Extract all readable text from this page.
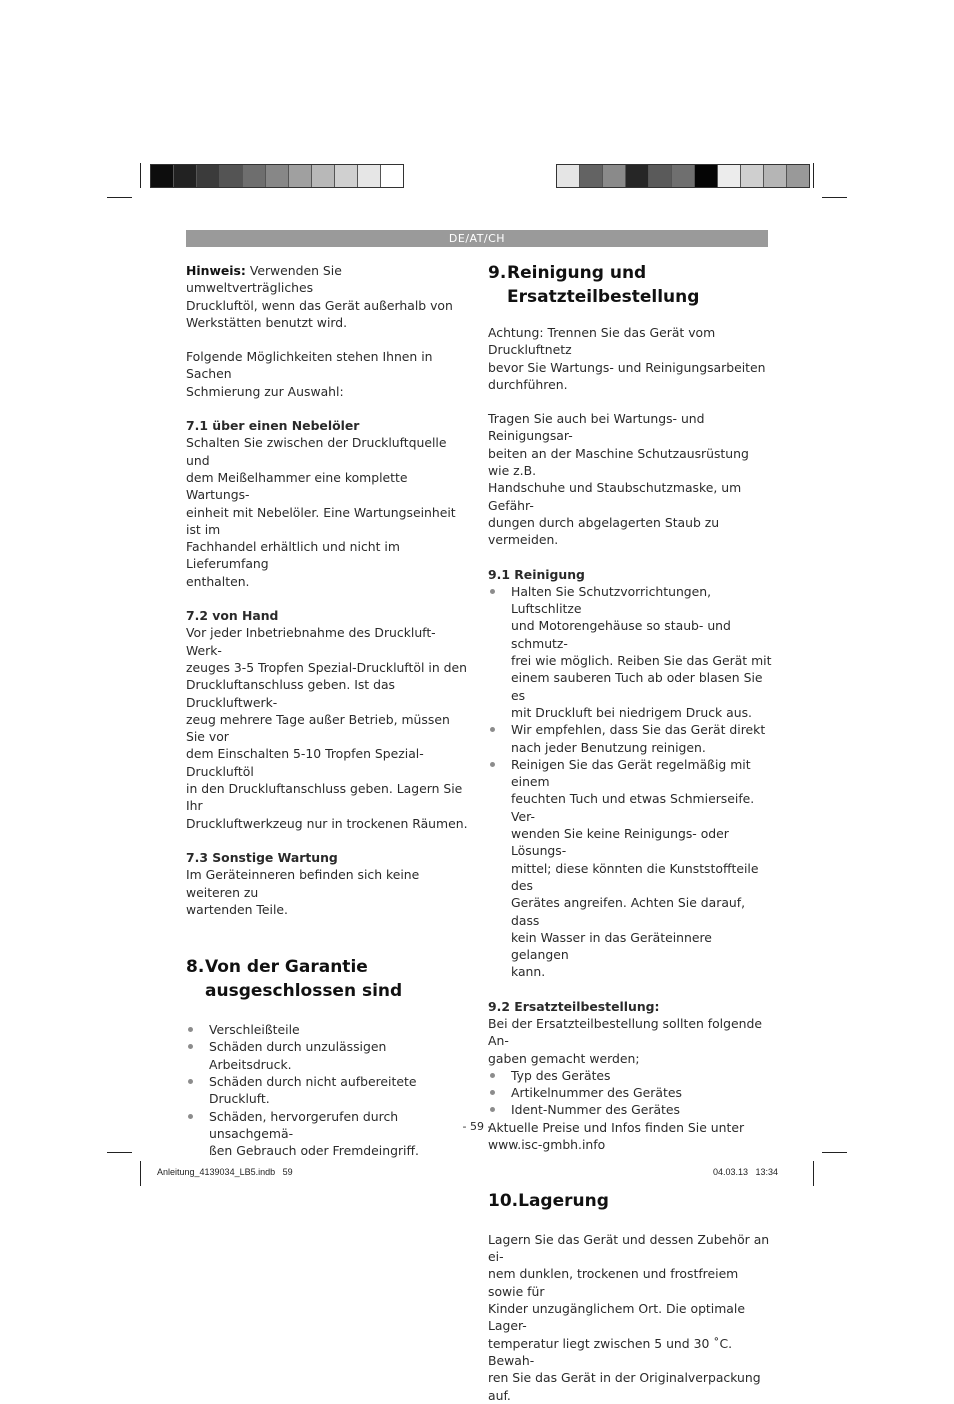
DE/AT/CH

Hinweis: Verwenden Sie umweltverträgliches

Druckluftöl, wenn das Gerät außerhalb von

Werkstätten benutzt wird.

Folgende Möglichkeiten stehen Ihnen in Sachen

Schmierung zur Auswahl:

7.1 über einen Nebelöler

Schalten Sie zwischen der Druckluftquelle und

dem Meißelhammer eine komplette Wartungs-

einheit mit Nebelöler. Eine Wartungseinheit ist im

Fachhandel erhältlich und nicht im Lieferumfang

enthalten.

7.2 von Hand

Vor jeder Inbetriebnahme des Druckluft-Werk-

zeuges 3-5 Tropfen Spezial-Druckluftöl in den

Druckluftanschluss geben. Ist das Druckluftwerk-

zeug mehrere Tage außer Betrieb, müssen Sie vor

dem Einschalten 5-10 Tropfen Spezial-Druckluftöl

in den Druckluftanschluss geben. Lagern Sie Ihr

Druckluftwerkzeug nur in trockenen Räumen.

7.3 Sonstige Wartung

Im Geräteinneren befinden sich keine weiteren zu

wartenden Teile.

8. Von der Garantie
ausgeschlossen sind
Verschleißteile
Schäden durch unzulässigen Arbeitsdruck.
Schäden durch nicht aufbereitete Druckluft.
Schäden, hervorgerufen durch unsachgemä-
ßen Gebrauch oder Fremdeingriff.
9. Reinigung und
Ersatzteilbestellung

Achtung: Trennen Sie das Gerät vom Druckluftnetz

bevor Sie Wartungs- und Reinigungsarbeiten

durchführen.

Tragen Sie auch bei Wartungs- und Reinigungsar-

beiten an der Maschine Schutzausrüstung wie z.B.

Handschuhe und Staubschutzmaske, um Gefähr-

dungen durch abgelagerten Staub zu vermeiden.

9.1 Reinigung

Halten Sie Schutzvorrichtungen, Luftschlitze
und Motorengehäuse so staub- und schmutz-
frei wie möglich. Reiben Sie das Gerät mit
einem sauberen Tuch ab oder blasen Sie es
mit Druckluft bei niedrigem Druck aus.
Wir empfehlen, dass Sie das Gerät direkt
nach jeder Benutzung reinigen.
Reinigen Sie das Gerät regelmäßig mit einem
feuchten Tuch und etwas Schmierseife. Ver-
wenden Sie keine Reinigungs- oder Lösungs-
mittel; diese könnten die Kunststoffteile des
Gerätes angreifen. Achten Sie darauf, dass
kein Wasser in das Geräteinnere gelangen
kann.

9.2 Ersatzteilbestellung:

Bei der Ersatzteilbestellung sollten folgende An-

gaben gemacht werden;

Typ des Gerätes
Artikelnummer des Gerätes
Ident-Nummer des Gerätes

Aktuelle Preise und Infos finden Sie unter

www.isc-gmbh.info

10. Lagerung

Lagern Sie das Gerät und dessen Zubehör an ei-

nem dunklen, trockenen und frostfreiem sowie für

Kinder unzugänglichem Ort. Die optimale Lager-

temperatur liegt zwischen 5 und 30 ˚C. Bewah-

ren Sie das Gerät in der Originalverpackung auf.

- 59 -
Anleitung_4139034_LB5.indb   59	04.03.13   13:34
